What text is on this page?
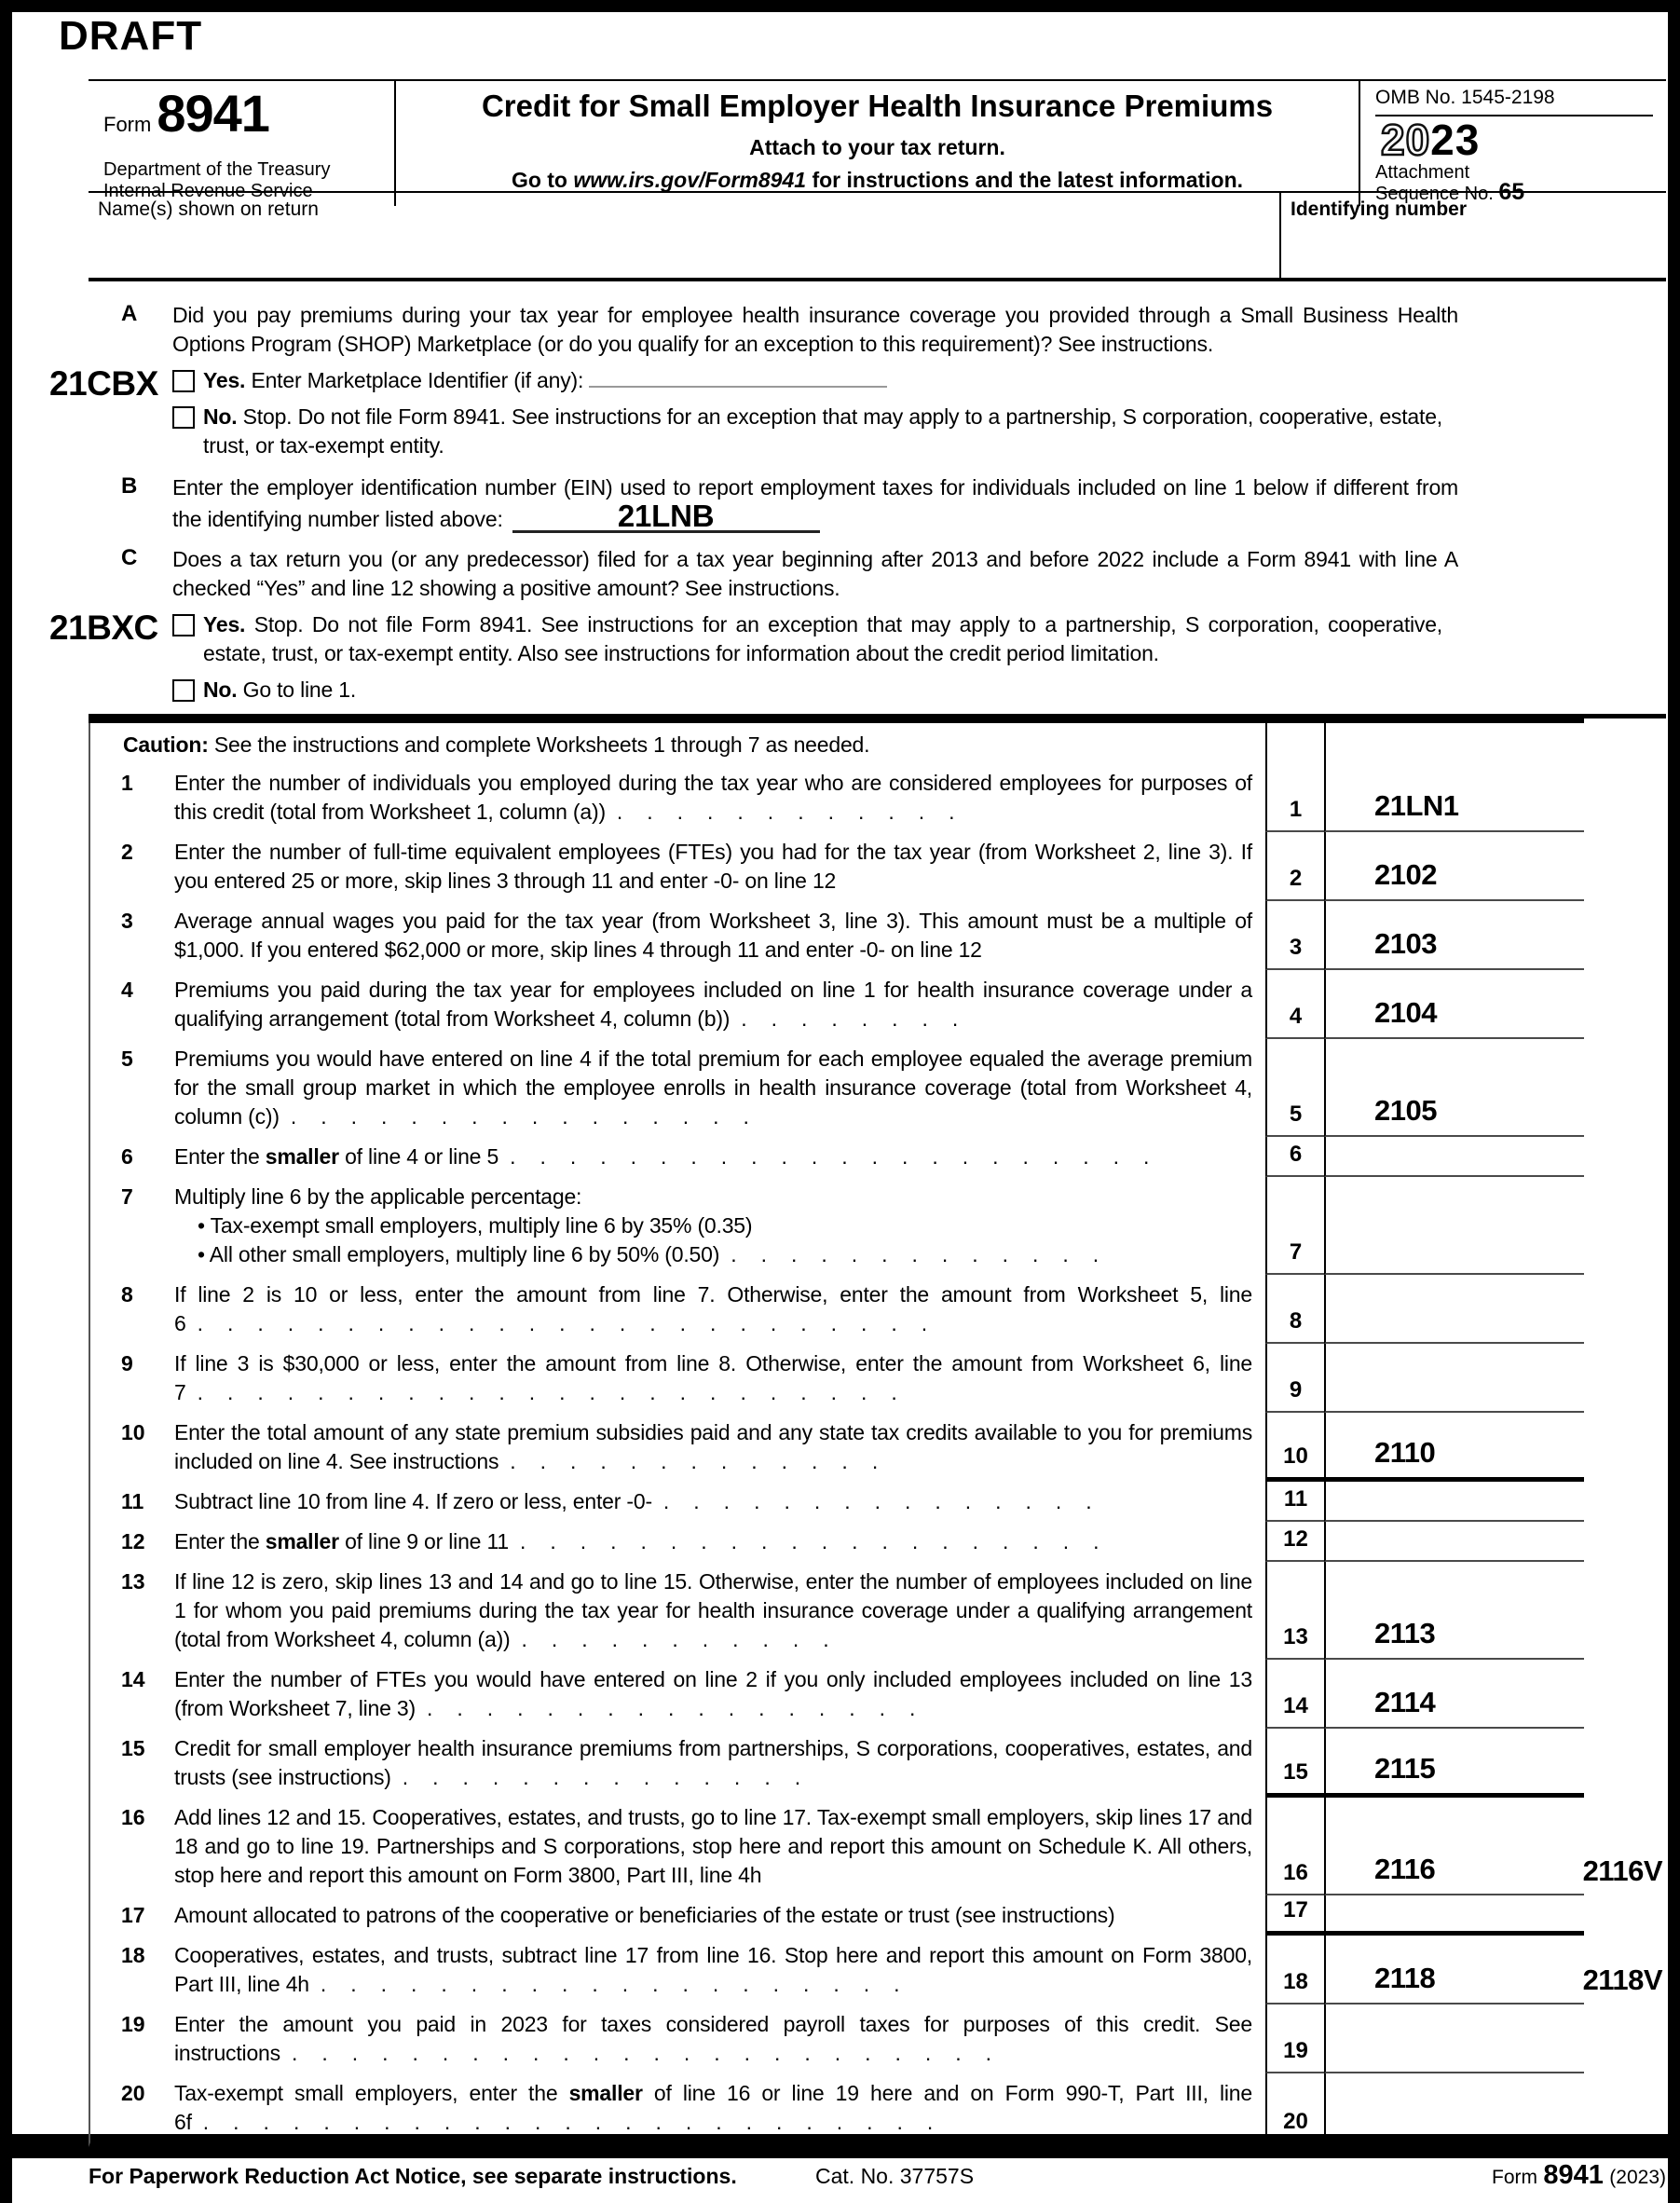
DRAFT
Form 8941
Department of the Treasury
Internal Revenue Service
Credit for Small Employer Health Insurance Premiums
Attach to your tax return.
Go to www.irs.gov/Form8941 for instructions and the latest information.
OMB No. 1545-2198
2023
Attachment
Sequence No. 65
Name(s) shown on return	Identifying number
A	Did you pay premiums during your tax year for employee health insurance coverage you provided through a Small Business Health Options Program (SHOP) Marketplace (or do you qualify for an exception to this requirement)? See instructions.
21CBX Yes. Enter Marketplace Identifier (if any):
No. Stop. Do not file Form 8941. See instructions for an exception that may apply to a partnership, S corporation, cooperative, estate, trust, or tax-exempt entity.
B	Enter the employer identification number (EIN) used to report employment taxes for individuals included on line 1 below if different from the identifying number listed above:	21LNB
C	Does a tax return you (or any predecessor) filed for a tax year beginning after 2013 and before 2022 include a Form 8941 with line A checked “Yes” and line 12 showing a positive amount? See instructions.
21BXC Yes. Stop. Do not file Form 8941. See instructions for an exception that may apply to a partnership, S corporation, cooperative, estate, trust, or tax-exempt entity. Also see instructions for information about the credit period limitation.
No. Go to line 1.
Caution: See the instructions and complete Worksheets 1 through 7 as needed.
1 Enter the number of individuals you employed during the tax year who are considered employees for purposes of this credit (total from Worksheet 1, column (a)) . . . . . . . . . . . .	1	21LN1
2 Enter the number of full-time equivalent employees (FTEs) you had for the tax year (from Worksheet 2, line 3). If you entered 25 or more, skip lines 3 through 11 and enter -0- on line 12	2	2102
3 Average annual wages you paid for the tax year (from Worksheet 3, line 3). This amount must be a multiple of $1,000. If you entered $62,000 or more, skip lines 4 through 11 and enter -0- on line 12	3	2103
4 Premiums you paid during the tax year for employees included on line 1 for health insurance coverage under a qualifying arrangement (total from Worksheet 4, column (b)) . . . . . . . .	4	2104
5 Premiums you would have entered on line 4 if the total premium for each employee equaled the average premium for the small group market in which the employee enrolls in health insurance coverage (total from Worksheet 4, column (c)) . . . . . . . . . . . . . . . .	5	2105
6 Enter the smaller of line 4 or line 5 . . . . . . . . . . . . . . . . . . . . . .	6
7 Multiply line 6 by the applicable percentage:
• Tax-exempt small employers, multiply line 6 by 35% (0.35)
• All other small employers, multiply line 6 by 50% (0.50) . . . . . . . . . . . . .	7
8 If line 2 is 10 or less, enter the amount from line 7. Otherwise, enter the amount from Worksheet 5, line 6 . . . . . . . . . . . . . . . . . . . . . . . . .	8
9 If line 3 is $30,000 or less, enter the amount from line 8. Otherwise, enter the amount from Worksheet 6, line 7 . . . . . . . . . . . . . . . . . . . . . . . .	9
10 Enter the total amount of any state premium subsidies paid and any state tax credits available to you for premiums included on line 4. See instructions . . . . . . . . . . . . .	10 2110
11 Subtract line 10 from line 4. If zero or less, enter -0- . . . . . . . . . . . . . . .	11
12 Enter the smaller of line 9 or line 11 . . . . . . . . . . . . . . . . . . . .	12
13 If line 12 is zero, skip lines 13 and 14 and go to line 15. Otherwise, enter the number of employees included on line 1 for whom you paid premiums during the tax year for health insurance coverage under a qualifying arrangement (total from Worksheet 4, column (a)) . . . . . . . . . . .	13 2113
14 Enter the number of FTEs you would have entered on line 2 if you only included employees included on line 13 (from Worksheet 7, line 3) . . . . . . . . . . . . . . . . .	14 2114
15 Credit for small employer health insurance premiums from partnerships, S corporations, cooperatives, estates, and trusts (see instructions) . . . . . . . . . . . . . .	15 2115
16 Add lines 12 and 15. Cooperatives, estates, and trusts, go to line 17. Tax-exempt small employers, skip lines 17 and 18 and go to line 19. Partnerships and S corporations, stop here and report this amount on Schedule K. All others, stop here and report this amount on Form 3800, Part III, line 4h	16 2116	2116V
17 Amount allocated to patrons of the cooperative or beneficiaries of the estate or trust (see instructions)	17
18 Cooperatives, estates, and trusts, subtract line 17 from line 16. Stop here and report this amount on Form 3800, Part III, line 4h . . . . . . . . . . . . . . . . . . . .	18 2118	2118V
19 Enter the amount you paid in 2023 for taxes considered payroll taxes for purposes of this credit. See instructions . . . . . . . . . . . . . . . . . . . . . . . .	19
20 Tax-exempt small employers, enter the smaller of line 16 or line 19 here and on Form 990-T, Part III, line 6f . . . . . . . . . . . . . . . . . . . . . . . . .	20
For Paperwork Reduction Act Notice, see separate instructions.	Cat. No. 37757S	Form 8941 (2023)
